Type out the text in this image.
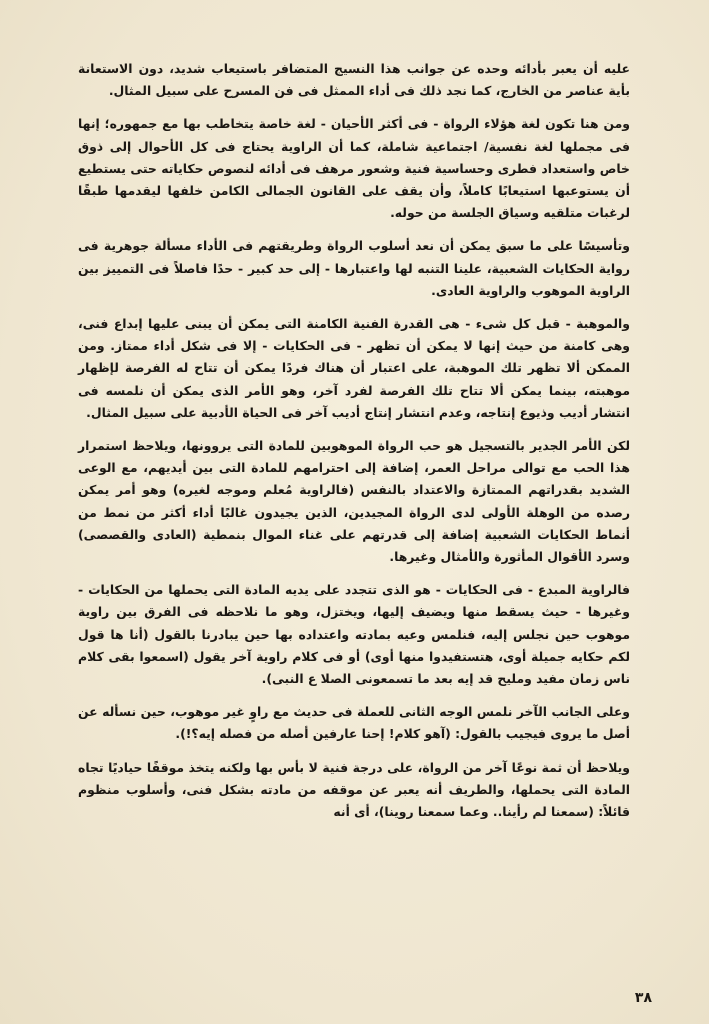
عليه أن يعبر بأدائه وحده عن جوانب هذا النسيج المتضافر باستيعاب شديد، دون الاستعانة بأية عناصر من الخارج، كما نجد ذلك فى أداء الممثل فى فن المسرح على سبيل المثال.

ومن هنا تكون لغة هؤلاء الرواة - فى أكثر الأحيان - لغة خاصة يتخاطب بها مع جمهوره؛ إنها فى مجملها لغة نفسية/ اجتماعية شاملة، كما أن الراوية يحتاج فى كل الأحوال إلى ذوق خاص واستعداد فطرى وحساسية فنية وشعور مرهف فى أدائه لنصوص حكاياته حتى يستطيع أن يستوعبها استيعابًا كاملاً، وأن يقف على القانون الجمالى الكامن خلفها ليقدمها طبقًا لرغبات متلقيه وسياق الجلسة من حوله.

وتأسيسًا على ما سبق يمكن أن نعد أسلوب الرواة وطريقتهم فى الأداء مسألة جوهرية فى رواية الحكايات الشعبية، علينا التنبه لها واعتبارها - إلى حد كبير - حدًا فاصلاً فى التمييز بين الراوية الموهوب والراوية العادى.

والموهبة - قبل كل شىء - هى القدرة الفنية الكامنة التى يمكن أن يبنى عليها إبداع فنى، وهى كامنة من حيث إنها لا يمكن أن تظهر - فى الحكايات - إلا فى شكل أداء ممتاز. ومن الممكن ألا تظهر تلك الموهبة، على اعتبار أن هناك فردًا يمكن أن تتاح له الفرصة لإظهار موهبته، بينما يمكن ألا تتاح تلك الفرصة لفرد آخر، وهو الأمر الذى يمكن أن نلمسه فى انتشار أديب وذيوع إنتاجه، وعدم انتشار إنتاج أديب آخر فى الحياة الأدبية على سبيل المثال.

لكن الأمر الجدير بالتسجيل هو حب الرواة الموهوبين للمادة التى يروونها، ويلاحظ استمرار هذا الحب مع توالى مراحل العمر، إضافة إلى احترامهم للمادة التى بين أيديهم، مع الوعى الشديد بقدراتهم الممتازة والاعتداد بالنفس (فالراوية مُعلم وموجه لغيره) وهو أمر يمكن رصده من الوهلة الأولى لدى الرواة المجيدين، الذين يجيدون غالبًا أداء أكثر من نمط من أنماط الحكايات الشعبية إضافة إلى قدرتهم على غناء الموال بنمطية (العادى والقصصى) وسرد الأقوال المأثورة والأمثال وغيرها.

فالراوية المبدع - فى الحكايات - هو الذى تتجدد على يديه المادة التى يحملها من الحكايات - وغيرها - حيث يسقط منها ويضيف إليها، ويختزل، وهو ما نلاحظه فى الفرق بين راوية موهوب حين نجلس إليه، فنلمس وعيه بمادته واعتداده بها حين يبادرنا بالقول (أنا ها قول لكم حكايه جميلة أوى، هتستفيدوا منها أوى) أو فى كلام راوية آخر يقول (اسمعوا بقى كلام ناس زمان مفيد ومليح قد إيه بعد ما تسمعونى الصلا ع النبى).

وعلى الجانب الآخر نلمس الوجه الثانى للعملة فى حديث مع راوٍ غير موهوب، حين نسأله عن أصل ما يروى فيجيب بالقول: (آهو كلام! إحنا عارفين أصله من فصله إيه؟!).

ويلاحظ أن ثمة نوعًا آخر من الرواة، على درجة فنية لا بأس بها ولكنه يتخذ موقفًا حياديًا تجاه المادة التى يحملها، والطريف أنه يعبر عن موقفه من مادته بشكل فنى، وأسلوب منظوم قائلاً: (سمعنا لم رأينا.. وعما سمعنا روينا)، أى أنه

٣٨
